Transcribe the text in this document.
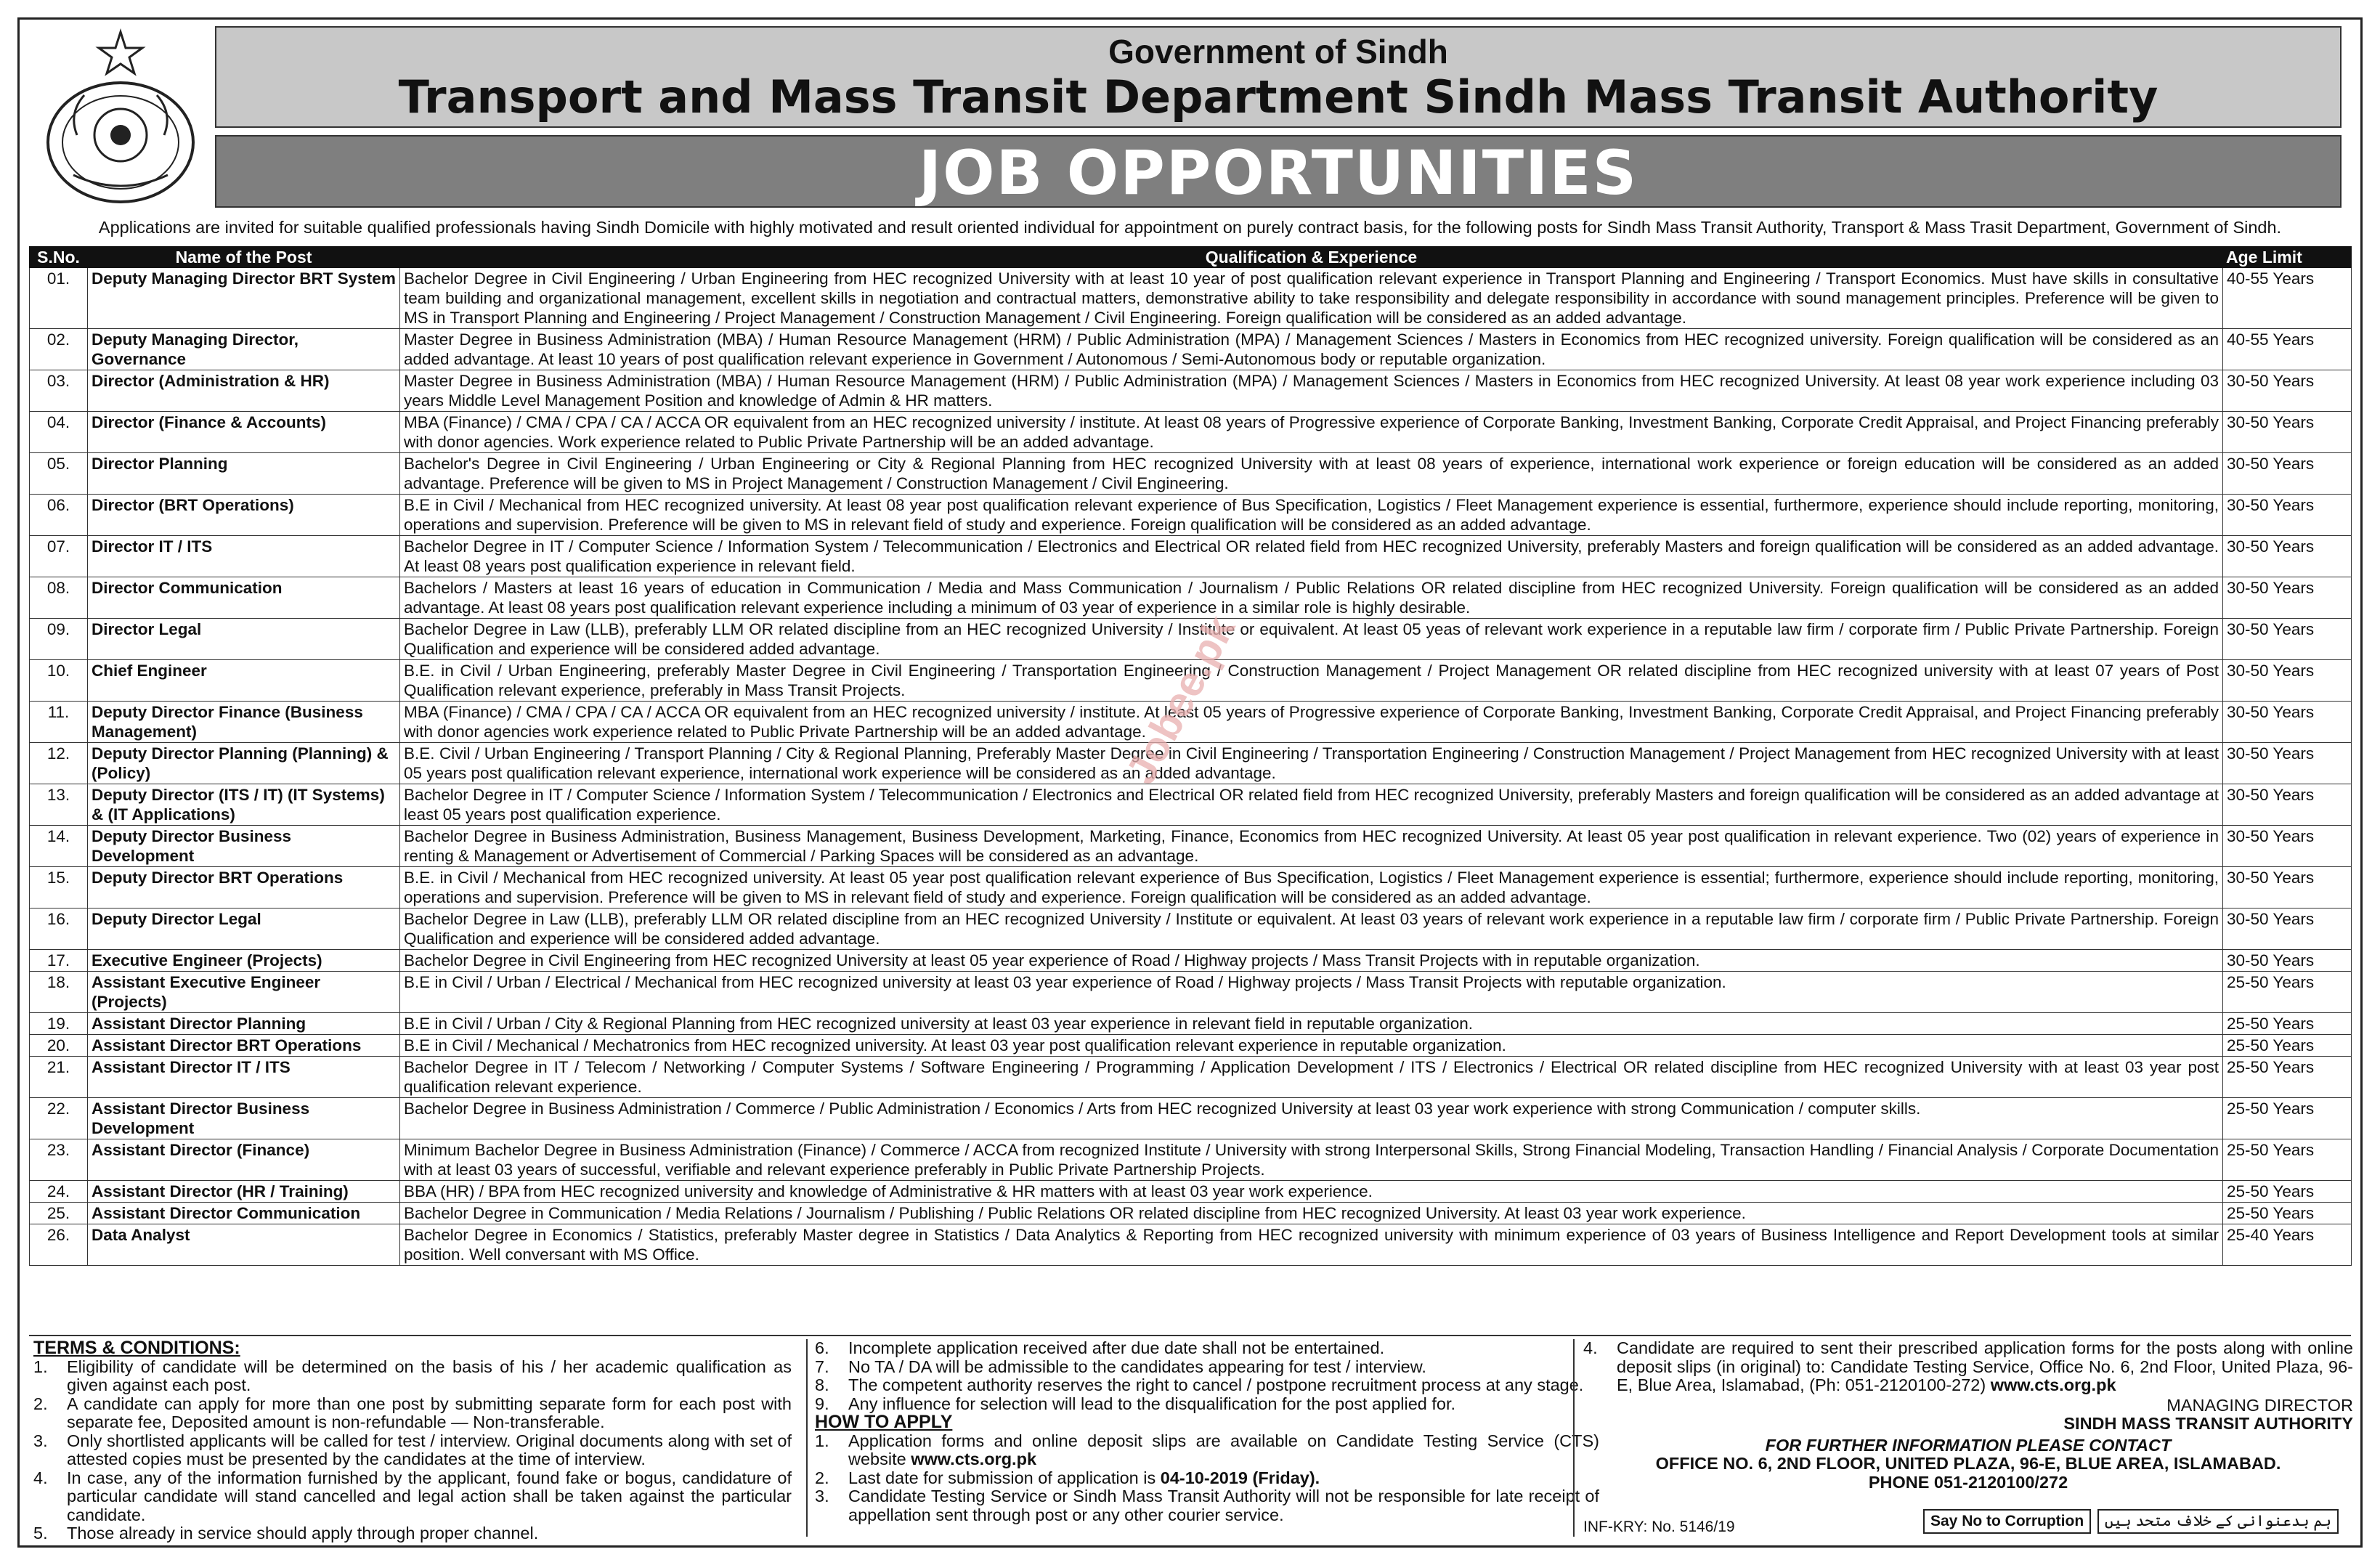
Government of Sindh
Transport and Mass Transit Department Sindh Mass Transit Authority
JOB OPPORTUNITIES
Applications are invited for suitable qualified professionals having Sindh Domicile with highly motivated and result oriented individual for appointment on purely contract basis, for the following posts for Sindh Mass Transit Authority, Transport & Mass Trasit Department, Government of Sindh.
S.No.	Name of the Post	Qualification & Experience	Age Limit
01.	Deputy Managing Director BRT System	Bachelor Degree in Civil Engineering / Urban Engineering from HEC recognized University with at least 10 year of post qualification relevant experience in Transport Planning and Engineering / Transport Economics. Must have skills in consultative team building and organizational management, excellent skills in negotiation and contractual matters, demonstrative ability to take responsibility and delegate responsibility in accordance with sound management principles. Preference will be given to MS in Transport Planning and Engineering / Project Management / Construction Management / Civil Engineering. Foreign qualification will be considered as an added advantage.	40-55 Years
02.	Deputy Managing Director, Governance	Master Degree in Business Administration (MBA) / Human Resource Management (HRM) / Public Administration (MPA) / Management Sciences / Masters in Economics from HEC recognized university. Foreign qualification will be considered as an added advantage. At least 10 years of post qualification relevant experience in Government / Autonomous / Semi-Autonomous body or reputable organization.	40-55 Years
03.	Director (Administration & HR)	Master Degree in Business Administration (MBA) / Human Resource Management (HRM) / Public Administration (MPA) / Management Sciences / Masters in Economics from HEC recognized University. At least 08 year work experience including 03 years Middle Level Management Position and knowledge of Admin & HR matters.	30-50 Years
04.	Director (Finance & Accounts)	MBA (Finance) / CMA / CPA / CA / ACCA OR equivalent from an HEC recognized university / institute. At least 08 years of Progressive experience of Corporate Banking, Investment Banking, Corporate Credit Appraisal, and Project Financing preferably with donor agencies. Work experience related to Public Private Partnership will be an added advantage.	30-50 Years
05.	Director Planning	Bachelor's Degree in Civil Engineering / Urban Engineering or City & Regional Planning from HEC recognized University with at least 08 years of experience, international work experience or foreign education will be considered as an added advantage. Preference will be given to MS in Project Management / Construction Management / Civil Engineering.	30-50 Years
06.	Director (BRT Operations)	B.E in Civil / Mechanical from HEC recognized university. At least 08 year post qualification relevant experience of Bus Specification, Logistics / Fleet Management experience is essential, furthermore, experience should include reporting, monitoring, operations and supervision. Preference will be given to MS in relevant field of study and experience. Foreign qualification will be considered as an added advantage.	30-50 Years
07.	Director IT / ITS	Bachelor Degree in IT / Computer Science / Information System / Telecommunication / Electronics and Electrical OR related field from HEC recognized University, preferably Masters and foreign qualification will be considered as an added advantage. At least 08 years post qualification experience in relevant field.	30-50 Years
08.	Director Communication	Bachelors / Masters at least 16 years of education in Communication / Media and Mass Communication / Journalism / Public Relations OR related discipline from HEC recognized University. Foreign qualification will be considered as an added advantage. At least 08 years post qualification relevant experience including a minimum of 03 year of experience in a similar role is highly desirable.	30-50 Years
09.	Director Legal	Bachelor Degree in Law (LLB), preferably LLM OR related discipline from an HEC recognized University / Institute or equivalent. At least 05 yeas of relevant work experience in a reputable law firm / corporate firm / Public Private Partnership. Foreign Qualification and experience will be considered added advantage.	30-50 Years
10.	Chief Engineer	B.E. in Civil / Urban Engineering, preferably Master Degree in Civil Engineering / Transportation Engineering / Construction Management / Project Management OR related discipline from HEC recognized university with at least 07 years of Post Qualification relevant experience, preferably in Mass Transit Projects.	30-50 Years
11.	Deputy Director Finance (Business Management)	MBA (Finance) / CMA / CPA / CA / ACCA OR equivalent from an HEC recognized university / institute. At least 05 years of Progressive experience of Corporate Banking, Investment Banking, Corporate Credit Appraisal, and Project Financing preferably with donor agencies work experience related to Public Private Partnership will be an added advantage.	30-50 Years
12.	Deputy Director Planning (Planning) & (Policy)	B.E. Civil / Urban Engineering / Transport Planning / City & Regional Planning, Preferably Master Degree in Civil Engineering / Transportation Engineering / Construction Management / Project Management from HEC recognized University with at least 05 years post qualification relevant experience, international work experience will be considered as an added advantage.	30-50 Years
13.	Deputy Director (ITS / IT) (IT Systems) & (IT Applications)	Bachelor Degree in IT / Computer Science / Information System / Telecommunication / Electronics and Electrical OR related field from HEC recognized University, preferably Masters and foreign qualification will be considered as an added advantage at least 05 years post qualification experience.	30-50 Years
14.	Deputy Director Business Development	Bachelor Degree in Business Administration, Business Management, Business Development, Marketing, Finance, Economics from HEC recognized University. At least 05 year post qualification in relevant experience. Two (02) years of experience in renting & Management or Advertisement of Commercial / Parking Spaces will be considered as an advantage.	30-50 Years
15.	Deputy Director BRT Operations	B.E. in Civil / Mechanical from HEC recognized university. At least 05 year post qualification relevant experience of Bus Specification, Logistics / Fleet Management experience is essential; furthermore, experience should include reporting, monitoring, operations and supervision. Preference will be given to MS in relevant field of study and experience. Foreign qualification will be considered as an added advantage.	30-50 Years
16.	Deputy Director Legal	Bachelor Degree in Law (LLB), preferably LLM OR related discipline from an HEC recognized University / Institute or equivalent. At least 03 years of relevant work experience in a reputable law firm / corporate firm / Public Private Partnership. Foreign Qualification and experience will be considered added advantage.	30-50 Years
17.	Executive Engineer (Projects)	Bachelor Degree in Civil Engineering from HEC recognized University at least 05 year experience of Road / Highway projects / Mass Transit Projects with in reputable organization.	30-50 Years
18.	Assistant Executive Engineer (Projects)	B.E in Civil / Urban / Electrical / Mechanical from HEC recognized university at least 03 year experience of Road / Highway projects / Mass Transit Projects with reputable organization.	25-50 Years
19.	Assistant Director Planning	B.E in Civil / Urban / City & Regional Planning from HEC recognized university at least 03 year experience in relevant field in reputable organization.	25-50 Years
20.	Assistant Director BRT Operations	B.E in Civil / Mechanical / Mechatronics from HEC recognized university. At least 03 year post qualification relevant experience in reputable organization.	25-50 Years
21.	Assistant Director IT / ITS	Bachelor Degree in IT / Telecom / Networking / Computer Systems / Software Engineering / Programming / Application Development / ITS / Electronics / Electrical OR related discipline from HEC recognized University with at least 03 year post qualification relevant experience.	25-50 Years
22.	Assistant Director Business Development	Bachelor Degree in Business Administration / Commerce / Public Administration / Economics / Arts from HEC recognized University at least 03 year work experience with strong Communication / computer skills.	25-50 Years
23.	Assistant Director (Finance)	Minimum Bachelor Degree in Business Administration (Finance) / Commerce / ACCA from recognized Institute / University with strong Interpersonal Skills, Strong Financial Modeling, Transaction Handling / Financial Analysis / Corporate Documentation with at least 03 years of successful, verifiable and relevant experience preferably in Public Private Partnership Projects.	25-50 Years
24.	Assistant Director (HR / Training)	BBA (HR) / BPA from HEC recognized university and knowledge of Administrative & HR matters with at least 03 year work experience.	25-50 Years
25.	Assistant Director Communication	Bachelor Degree in Communication / Media Relations / Journalism / Publishing / Public Relations OR related discipline from HEC recognized University. At least 03 year work experience.	25-50 Years
26.	Data Analyst	Bachelor Degree in Economics / Statistics, preferably Master degree in Statistics / Data Analytics & Reporting from HEC recognized university with minimum experience of 03 years of Business Intelligence and Report Development tools at similar position. Well conversant with MS Office.	25-40 Years
Jobee.pk
TERMS & CONDITIONS:
1.	Eligibility of candidate will be determined on the basis of his / her academic qualification as given against each post.
2.	A candidate can apply for more than one post by submitting separate form for each post with separate fee, Deposited amount is non-refundable — Non-transferable.
3.	Only shortlisted applicants will be called for test / interview. Original documents along with set of attested copies must be presented by the candidates at the time of interview.
4.	In case, any of the information furnished by the applicant, found fake or bogus, candidature of particular candidate will stand cancelled and legal action shall be taken against the particular candidate.
5.	Those already in service should apply through proper channel.
6.	Incomplete application received after due date shall not be entertained.
7.	No TA / DA will be admissible to the candidates appearing for test / interview.
8.	The competent authority reserves the right to cancel / postpone recruitment process at any stage.
9.	Any influence for selection will lead to the disqualification for the post applied for.
HOW TO APPLY
1.	Application forms and online deposit slips are available on Candidate Testing Service (CTS) website www.cts.org.pk
2.	Last date for submission of application is 04-10-2019 (Friday).
3.	Candidate Testing Service or Sindh Mass Transit Authority will not be responsible for late receipt of appellation sent through post or any other courier service.
4.	Candidate are required to sent their prescribed application forms for the posts along with online deposit slips (in original) to: Candidate Testing Service, Office No. 6, 2nd Floor, United Plaza, 96-E, Blue Area, Islamabad, (Ph: 051-2120100-272) www.cts.org.pk
MANAGING DIRECTOR
SINDH MASS TRANSIT AUTHORITY
FOR FURTHER INFORMATION PLEASE CONTACT
OFFICE NO. 6, 2ND FLOOR, UNITED PLAZA, 96-E, BLUE AREA, ISLAMABAD.
PHONE 051-2120100/272
INF-KRY: No. 5146/19	Say No to Corruption	ہم بدعنوانی کے خلاف متحد ہیں
